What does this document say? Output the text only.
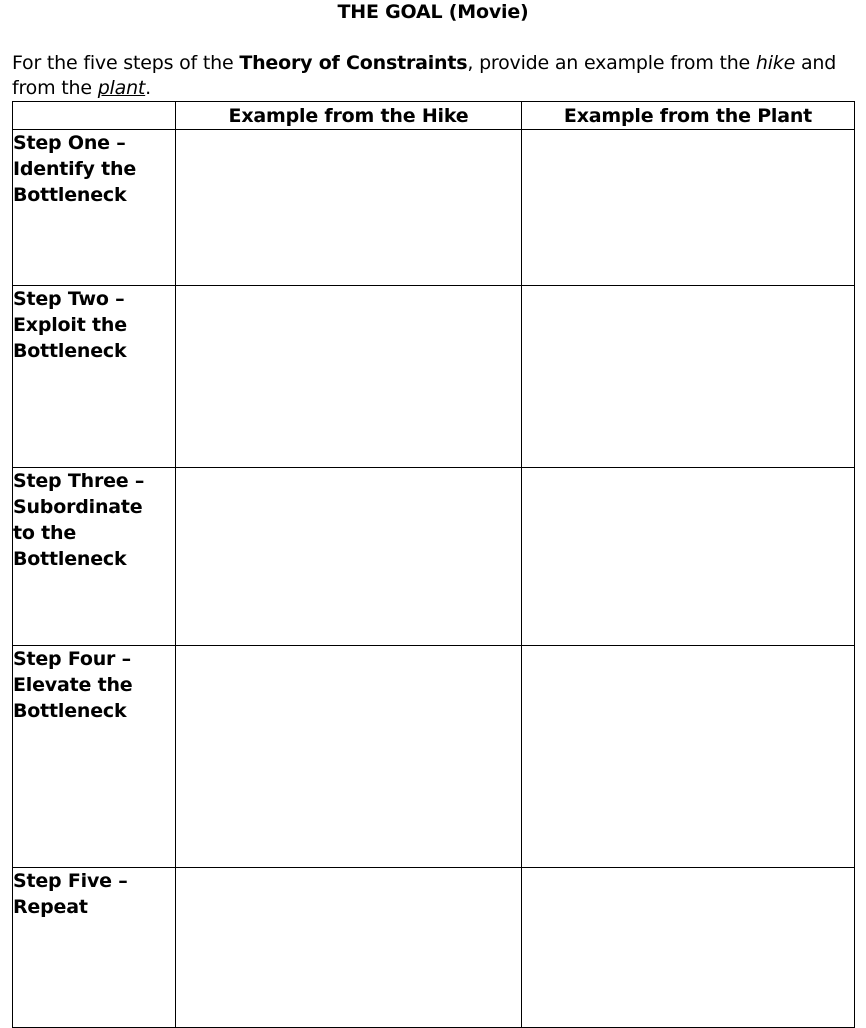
THE GOAL (Movie)
For the five steps of the Theory of Constraints, provide an example from the hike and from the plant.
	Example from the Hike	Example from the Plant

Step One –
Identify the
Bottleneck		

Step Two –
Exploit the
Bottleneck		

Step Three –
Subordinate
to the
Bottleneck		

Step Four –
Elevate the
Bottleneck		

Step Five –
Repeat		
